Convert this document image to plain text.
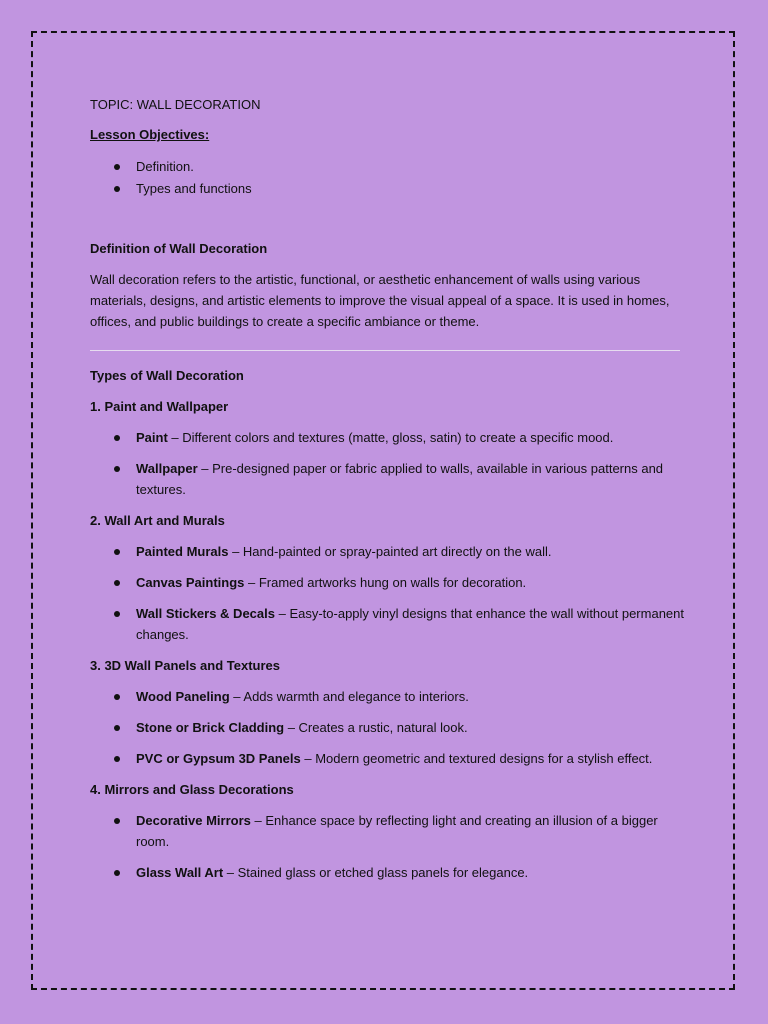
TOPIC: WALL DECORATION
Lesson Objectives:
Definition.
Types and functions
Definition of Wall Decoration

Wall decoration refers to the artistic, functional, or aesthetic enhancement of walls using various materials, designs, and artistic elements to improve the visual appeal of a space. It is used in homes, offices, and public buildings to create a specific ambiance or theme.

Types of Wall Decoration
1. Paint and Wallpaper
Paint – Different colors and textures (matte, gloss, satin) to create a specific mood.
Wallpaper – Pre-designed paper or fabric applied to walls, available in various patterns and textures.
2. Wall Art and Murals
Painted Murals – Hand-painted or spray-painted art directly on the wall.
Canvas Paintings – Framed artworks hung on walls for decoration.
Wall Stickers & Decals – Easy-to-apply vinyl designs that enhance the wall without permanent changes.
3. 3D Wall Panels and Textures
Wood Paneling – Adds warmth and elegance to interiors.
Stone or Brick Cladding – Creates a rustic, natural look.
PVC or Gypsum 3D Panels – Modern geometric and textured designs for a stylish effect.
4. Mirrors and Glass Decorations
Decorative Mirrors – Enhance space by reflecting light and creating an illusion of a bigger room.
Glass Wall Art – Stained glass or etched glass panels for elegance.
